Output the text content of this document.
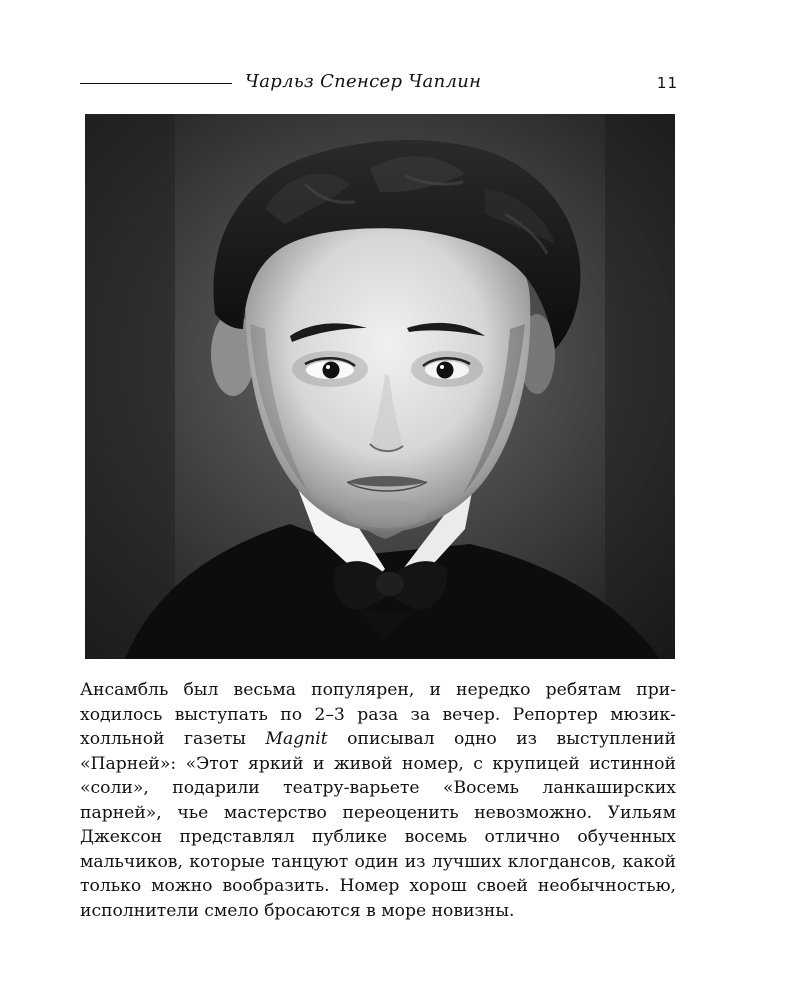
Чарльз Спенсер Чаплин	11
Ансамбль был весьма популярен, и нередко ребятам приходилось выступать по 2–3 раза за вечер. Репортер мюзик-холльной газеты Magnit описывал одно из выступлений «Парней»: «Этот яркий и живой номер, с крупицей истинной «соли», подарили театру-варьете «Восемь ланкаширских парней», чье мастерство переоценить невозможно. Уильям Джексон представлял публике восемь отлично обученных мальчиков, которые танцуют один из лучших клогдансов, какой только можно вообразить. Номер хорош своей необычностью, исполнители смело бросаются в море новизны.
